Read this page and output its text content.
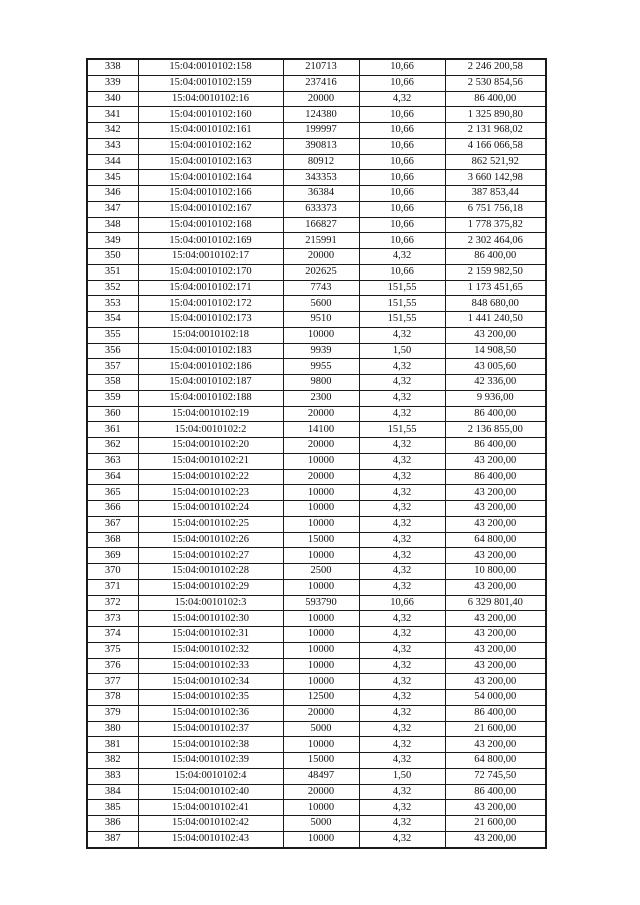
338	15:04:0010102:158	210713	10,66	2 246 200,58
339	15:04:0010102:159	237416	10,66	2 530 854,56
340	15:04:0010102:16	20000	4,32	86 400,00
341	15:04:0010102:160	124380	10,66	1 325 890,80
342	15:04:0010102:161	199997	10,66	2 131 968,02
343	15:04:0010102:162	390813	10,66	4 166 066,58
344	15:04:0010102:163	80912	10,66	862 521,92
345	15:04:0010102:164	343353	10,66	3 660 142,98
346	15:04:0010102:166	36384	10,66	387 853,44
347	15:04:0010102:167	633373	10,66	6 751 756,18
348	15:04:0010102:168	166827	10,66	1 778 375,82
349	15:04:0010102:169	215991	10,66	2 302 464,06
350	15:04:0010102:17	20000	4,32	86 400,00
351	15:04:0010102:170	202625	10,66	2 159 982,50
352	15:04:0010102:171	7743	151,55	1 173 451,65
353	15:04:0010102:172	5600	151,55	848 680,00
354	15:04:0010102:173	9510	151,55	1 441 240,50
355	15:04:0010102:18	10000	4,32	43 200,00
356	15:04:0010102:183	9939	1,50	14 908,50
357	15:04:0010102:186	9955	4,32	43 005,60
358	15:04:0010102:187	9800	4,32	42 336,00
359	15:04:0010102:188	2300	4,32	9 936,00
360	15:04:0010102:19	20000	4,32	86 400,00
361	15:04:0010102:2	14100	151,55	2 136 855,00
362	15:04:0010102:20	20000	4,32	86 400,00
363	15:04:0010102:21	10000	4,32	43 200,00
364	15:04:0010102:22	20000	4,32	86 400,00
365	15:04:0010102:23	10000	4,32	43 200,00
366	15:04:0010102:24	10000	4,32	43 200,00
367	15:04:0010102:25	10000	4,32	43 200,00
368	15:04:0010102:26	15000	4,32	64 800,00
369	15:04:0010102:27	10000	4,32	43 200,00
370	15:04:0010102:28	2500	4,32	10 800,00
371	15:04:0010102:29	10000	4,32	43 200,00
372	15:04:0010102:3	593790	10,66	6 329 801,40
373	15:04:0010102:30	10000	4,32	43 200,00
374	15:04:0010102:31	10000	4,32	43 200,00
375	15:04:0010102:32	10000	4,32	43 200,00
376	15:04:0010102:33	10000	4,32	43 200,00
377	15:04:0010102:34	10000	4,32	43 200,00
378	15:04:0010102:35	12500	4,32	54 000,00
379	15:04:0010102:36	20000	4,32	86 400,00
380	15:04:0010102:37	5000	4,32	21 600,00
381	15:04:0010102:38	10000	4,32	43 200,00
382	15:04:0010102:39	15000	4,32	64 800,00
383	15:04:0010102:4	48497	1,50	72 745,50
384	15:04:0010102:40	20000	4,32	86 400,00
385	15:04:0010102:41	10000	4,32	43 200,00
386	15:04:0010102:42	5000	4,32	21 600,00
387	15:04:0010102:43	10000	4,32	43 200,00
